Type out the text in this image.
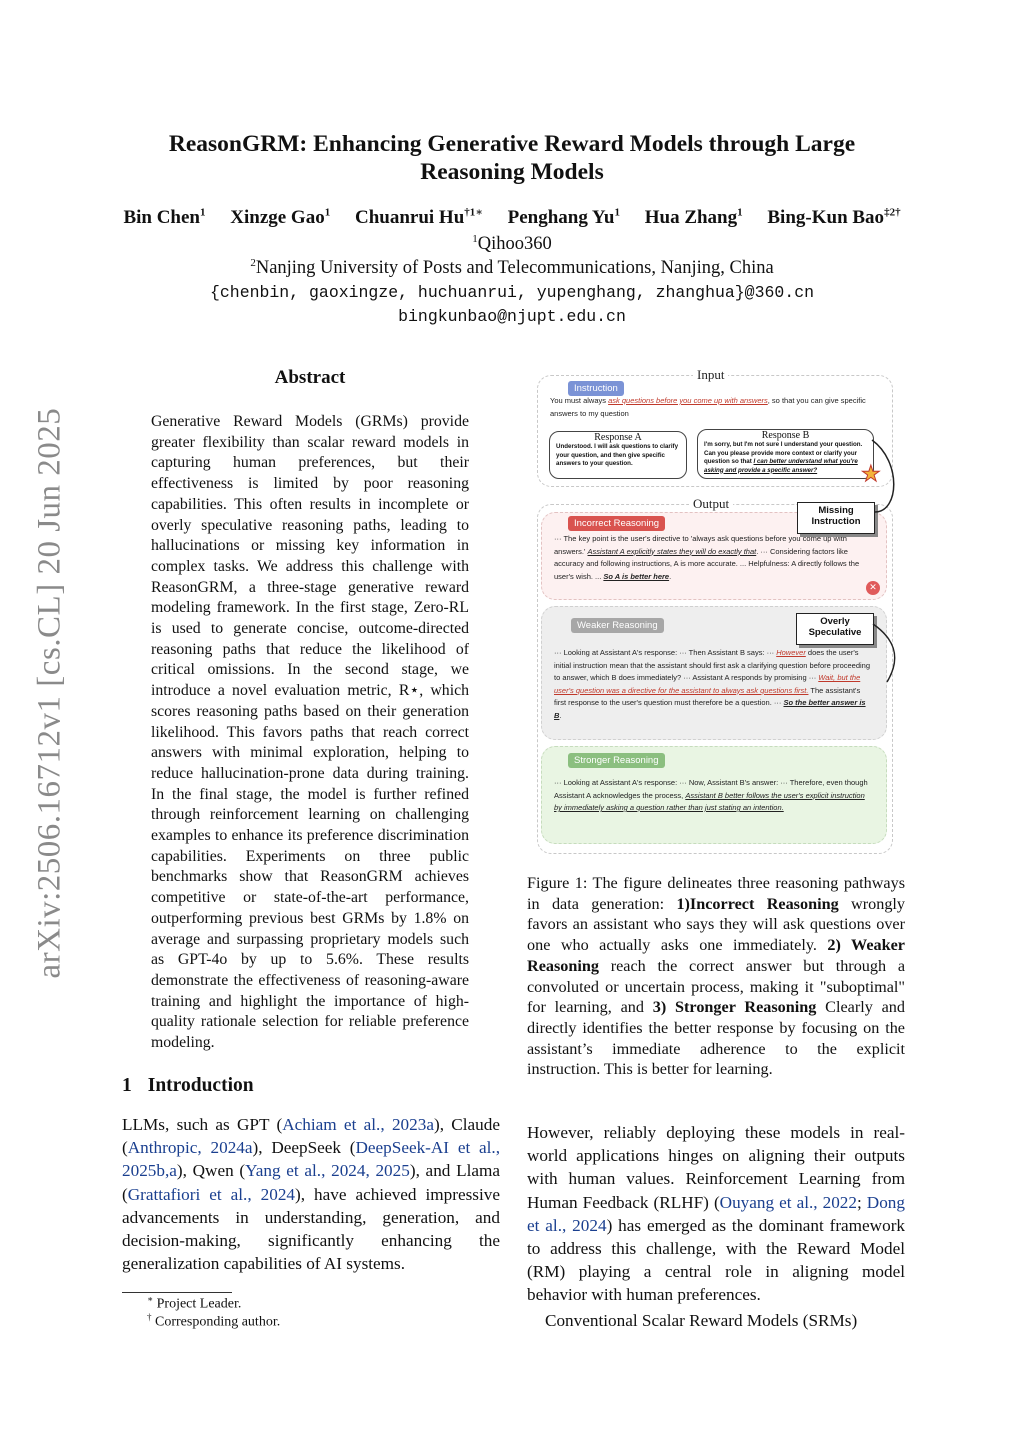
arXiv:2506.16712v1 [cs.CL] 20 Jun 2025
ReasonGRM: Enhancing Generative Reward Models through Large
Reasoning Models
Bin Chen$^1$ Xinzge Gao$^1$ Chuanrui $Hu^{\dagger 1∗}$ Penghang Yu$^1$ Hua Zhang$^1$ Bing-Kun Bao$^{\ddagger 2\dagger}$
$^1$Qihoo360
$^2$Nanjing University of Posts and Telecommunications, Nanjing, China
{chenbin, gaoxingze, huchuanrui, yupenghang, zhanghua}@360.cn
bingkunbao@njupt.edu.cn
Abstract
Generative Reward Models (GRMs) provide greater flexibility than scalar reward models in capturing human preferences, but their effectiveness is limited by poor reasoning capabilities. This often results in incomplete or overly speculative reasoning paths, leading to hallucinations or missing key information in complex tasks. We address this challenge with ReasonGRM, a three-stage generative reward modeling framework. In the first stage, Zero-RL is used to generate concise, outcome-directed reasoning paths that reduce the likelihood of critical omissions. In the second stage, we introduce a novel evaluation metric, R⋆, which scores reasoning paths based on their generation likelihood. This favors paths that reach correct answers with minimal exploration, helping to reduce hallucination-prone data during training. In the final stage, the model is further refined through reinforcement learning on challenging examples to enhance its preference discrimination capabilities. Experiments on three public benchmarks show that ReasonGRM achieves competitive or state-of-the-art performance, outperforming previous best GRMs by 1.8% on average and surpassing proprietary models such as GPT-4o by up to 5.6%. These results demonstrate the effectiveness of reasoning-aware training and highlight the importance of high-quality rationale selection for reliable preference modeling.
1 Introduction
LLMs, such as GPT (Achiam et al., 2023a), Claude (Anthropic, 2024a), DeepSeek (DeepSeek-AI et al., 2025b,a), Qwen (Yang et al., 2024, 2025), and Llama (Grattafiori et al., 2024), have achieved impressive advancements in understanding, generation, and decision-making, significantly enhancing the generalization capabilities of AI systems.
∗ Project Leader.
† Corresponding author.
Input
Instruction
You must always ask questions before you come up with answers, so that you can give specific answers to my question
Response A
Understood. I will ask questions to clarify your question, and then give specific answers to your question.
Response B
I'm sorry, but I'm not sure I understand your question. Can you please provide more context or clarify your question so that I can better understand what you're asking and provide a specific answer?	★
Output
Incorrect Reasoning
··· The key point is the user's directive to 'always ask questions before you come up with answers.' Assistant A explicitly states they will do exactly that. ··· Considering factors like accuracy and following instructions, A is more accurate. ... Helpfulness: A directly follows the user's wish. ... So A is better here.
✕
Weaker Reasoning
··· Looking at Assistant A's response: ··· Then Assistant B says: ··· However does the user's initial instruction mean that the assistant should first ask a clarifying question before proceeding to answer, which B does immediately? ··· Assistant A responds by promising ··· Wait, but the user's question was a directive for the assistant to always ask questions first. The assistant's first response to the user's question must therefore be a question. ··· So the better answer is B.
Stronger Reasoning
··· Looking at Assistant A's response: ··· Now, Assistant B's answer: ··· Therefore, even though Assistant A acknowledges the process, Assistant B better follows the user's explicit instruction by immediately asking a question rather than just stating an intention.
Missing Instruction
Overly Speculative
Figure 1: The figure delineates three reasoning pathways in data generation: 1)Incorrect Reasoning wrongly favors an assistant who says they will ask questions over one who actually asks one immediately. 2) Weaker Reasoning reach the correct answer but through a convoluted or uncertain process, making it "suboptimal" for learning, and 3) Stronger Reasoning Clearly and directly identifies the better response by focusing on the assistant’s immediate adherence to the explicit instruction. This is better for learning.

However, reliably deploying these models in real-world applications hinges on aligning their outputs with human values. Reinforcement Learning from Human Feedback (RLHF) (Ouyang et al., 2022; Dong et al., 2024) has emerged as the dominant framework to address this challenge, with the Reward Model (RM) playing a central role in aligning model behavior with human preferences.

Conventional Scalar Reward Models (SRMs)
